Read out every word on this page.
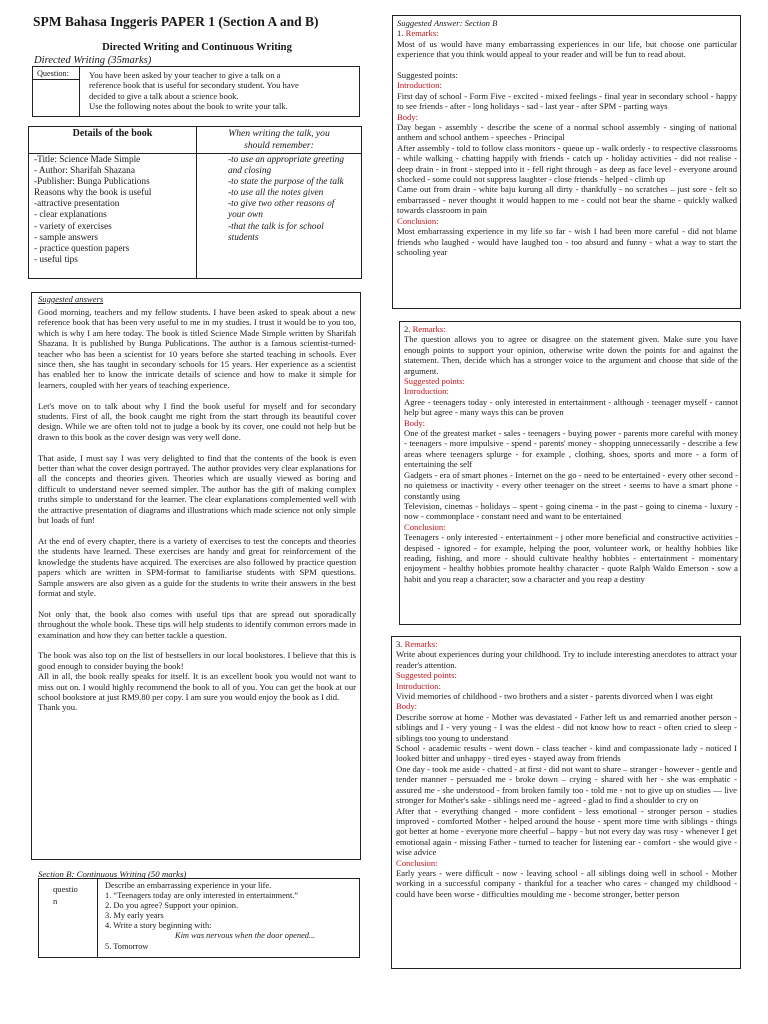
SPM Bahasa Inggeris PAPER 1 (Section A and B)
Directed Writing and Continuous Writing
Directed Writing (35marks)
Question:	You have been asked by your teacher to give a talk on a
reference book that is useful for secondary student. You have
decided to give a talk about a science book.
Use the following notes about the book to write your talk.
Details of the book	When writing the talk, you
should remember:
-Title: Science Made Simple
- Author: Sharifah Shazana
-Publisher: Bunga Publications
Reasons why the book is useful
-attractive presentation
- clear explanations
- variety of exercises
- sample answers
- practice question papers
- useful tips
-to use an appropriate greeting
and closing
-to state the purpose of the talk
-to use all the notes given
-to give two other reasons of
your own
-that the talk is for school
students
Suggested answers
Good morning, teachers and my fellow students. I have been asked to speak about a new reference book that has been very useful to me in my studies. I trust it would be to you too, which is why I am here today. The book is titled Science Made Simple written by Sharifah Shazana. It is published by Bunga Publications. The author is a famous scientist-turned-teacher who has been a scientist for 10 years before she started teaching in schools. Ever since then, she has taught in secondary schools for 15 years. Her experience as a scientist has enabled her to know the intricate details of science and how to make it simple for learners, coupled with her years of teaching experience.
Let's move on to talk about why I find the book useful for myself and for secondary students. First of all, the book caught me right from the start through its beautiful cover design. While we are often told not to judge a book by its cover, one could not help but be drawn to this book as the cover design was very well done.
That aside, I must say I was very delighted to find that the contents of the book is even better than what the cover design portrayed. The author provides very clear explanations for all the concepts and theories given. Theories which are usually viewed as boring and difficult to understand never seemed simpler. The author has the gift of making complex truths simple to understand for the learner. The clear explanations complemented well with the attractive presentation of diagrams and illustrations which made science not only simple but loads of fun!
At the end of every chapter, there is a variety of exercises to test the concepts and theories the students have learned. These exercises are handy and great for reinforcement of the knowledge the students have acquired. The exercises are also followed by practice question papers which are written in SPM-format to familiarise students with SPM questions. Sample answers are also given as a guide for the students to write their answers in the best format and style.
Not only that, the book also comes with useful tips that are spread out sporadically throughout the whole book. These tips will help students to identify common errors made in examination and how they can better tackle a question.
The book was also top on the list of bestsellers in our local bookstores. I believe that this is good enough to consider buying the book!
All in all, the book really speaks for itself. It is an excellent book you would not want to miss out on. I would highly recommend the book to all of you. You can get the book at our school bookstore at just RM9.80 per copy. I am sure you would enjoy the book as I did.
Thank you.
Section B: Continuous Writing (50 marks)
questio
n
Describe an embarrassing experience in your life.
1. “Teenagers today are only interested in entertainment.”
2. Do you agree? Support your opinion.
3. My early years
4. Write a story beginning with:
Kim was nervous when the door opened...
5. Tomorrow
Suggested Answer: Section B
1. Remarks:
Most of us would have many embarrassing experiences in our life, but choose one particular experience that you think would appeal to your reader and will be fun to read about.
Suggested points:
Introduction:
First day of school - Form Five - excited - mixed feelings - final year in secondary school - happy to see friends - after - long holidays - sad - last year - after SPM - parting ways
Body:
Day began - assembly - describe the scene of a normal school assembly - singing of national anthem and school anthem - speeches - Principal
After assembly - told to follow class monitors - queue up - walk orderly - to respective classrooms - while walking - chatting happily with friends - catch up - holiday activities - did not realise - deep drain - in front - stepped into it - fell right through - as deep as face level - everyone around shocked - some could not suppress laughter - close friends - helped - climb up
Came out from drain - white baju kurung all dirty - thankfully - no scratches – just sore - felt so embarrassed - never thought it would happen to me - could not bear the shame - quickly walked towards classroom in pain
Conclusion:
Most embarrassing experience in my life so far - wish I had been more careful - did not blame friends who laughed - would have laughed too - too absurd and funny - what a way to start the schooling year
2. Remarks:
The question allows you to agree or disagree on the statement given. Make sure you have enough points to support your opinion, otherwise write down the points for and against the statement. Then, decide which has a stronger voice to the argument and choose that side of the argument.
Suggested points:
Introduction:
Agree - teenagers today - only interested in entertainment - although - teenager myself - cannot help but agree - many ways this can be proven
Body:
One of the greatest market - sales - teenagers - buying power - parents more careful with money - teenagers - more impulsive - spend - parents' money - shopping unnecessarily - describe a few areas where teenagers splurge - for example , clothing, shoes, sports and more - a form of entertaining the self
Gadgets - era of smart phones - Internet on the go - need to be entertained - every other second - no quietness or inactivity - every other teenager on the street - seems to have a smart phone - constantly using
Television, cinemas - holidays – spent - going cinema - in the past - going to cinema - luxury - now - commonplace - constant need and want to be entertained
Conclusion:
Teenagers - only interested - entertainment - j other more beneficial and constructive activities - despised - ignored - for example, helping the poor, volunteer work, or healthy hobbies like reading, fishing, and more - should cultivate healthy hobbies - entertainment - momentary enjoyment - healthy hobbies promote healthy character - quote Ralph Waldo Emerson - sow a habit and you reap a character; sow a character and you reap a destiny
3. Remarks:
Write about experiences during your childhood. Try to include interesting anecdotes to attract your reader's attention.
Suggested points:
Introduction:
Vivid memories of childhood - two brothers and a sister - parents divorced when I was eight
Body:
Describe sorrow at home - Mother was devastated - Father left us and remarried another person - siblings and I - very young - I was the eldest - did not know how to react - often cried to sleep - siblings too young to understand
School - academic results - went down - class teacher - kind and compassionate lady - noticed I looked bitter and unhappy - tired eyes - stayed away from friends
One day - took me aside - chatted - at first - did not want to share – stranger - however - gentle and tender manner - persuaded me - broke down – crying - shared with her - she was emphatic - assured me - she understood - from broken family too - told me - not to give up on studies — live stronger for Mother's sake - siblings need me - agreed - glad to find a shoulder to cry on
After that - everything changed - more confident - less emotional - stronger person - studies improved - comforted Mother - helped around the house - spent more time with siblings - things got better at home - everyone more cheerful – happy - but not every day was rosy - whenever I get emotional again - missing Father - turned to teacher for listening ear - comfort - she would give - wise advice
Conclusion:
Early years - were difficult - now - leaving school - all siblings doing well in school - Mother working in a successful company - thankful for a teacher who cares - changed my childhood - could have been worse - difficulties moulding me - become stronger, better person
